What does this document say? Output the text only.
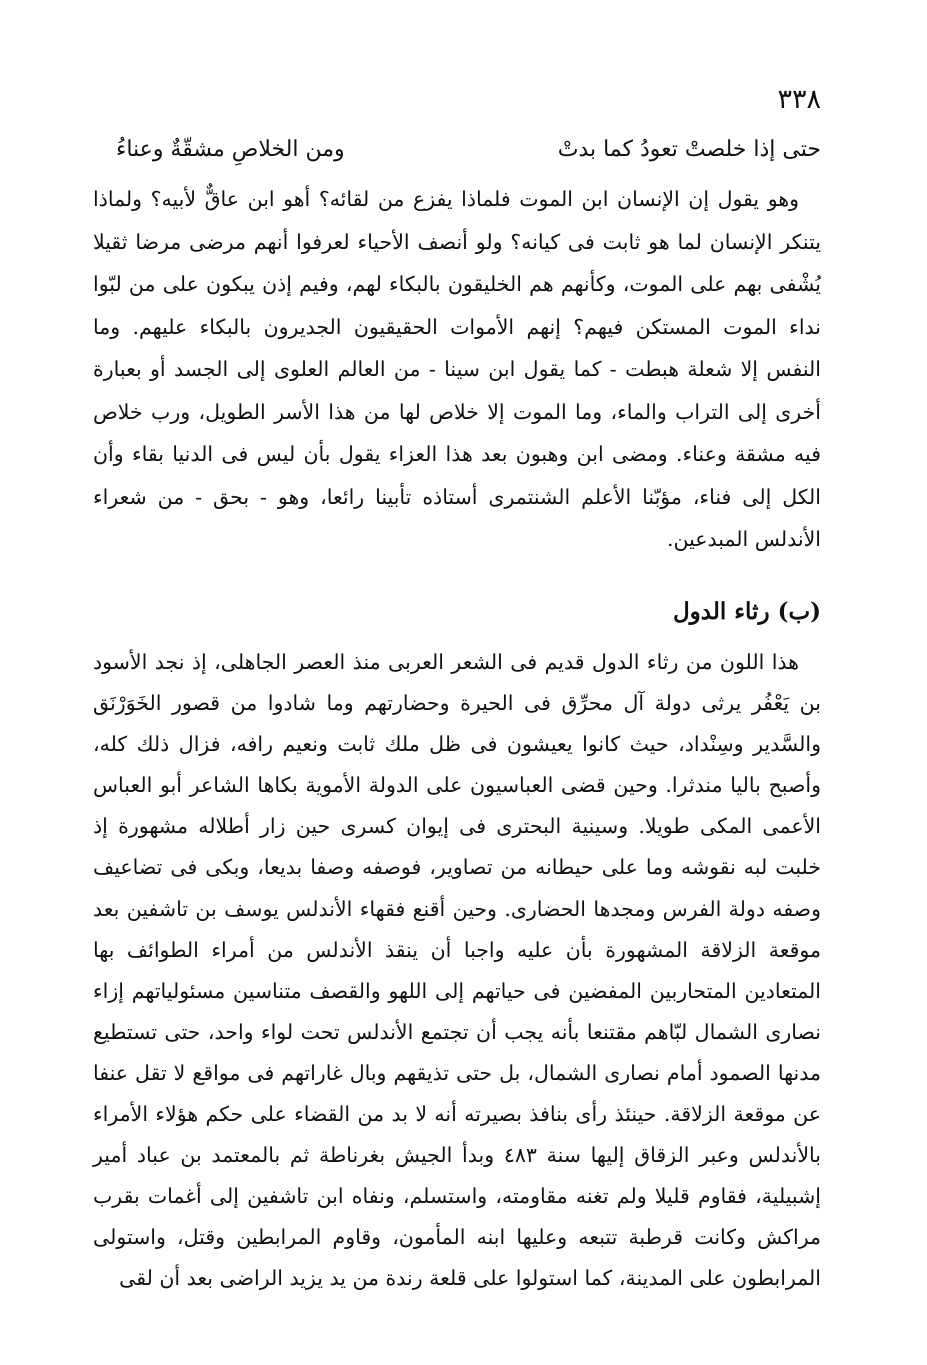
٣٣٨
حتى إذا خلصتْ تعودُ كما بدتْ
ومن الخلاصِ مشقّةٌ وعناءُ

وهو يقول إن الإنسان ابن الموت فلماذا يفزع من لقائه؟ أهو ابن عاقٌّ لأبيه؟ ولماذا يتنكر الإنسان لما هو ثابت فى كيانه؟ ولو أنصف الأحياء لعرفوا أنهم مرضى مرضا ثقيلا يُشْفى بهم على الموت، وكأنهم هم الخليقون بالبكاء لهم، وفيم إذن يبكون على من لبّوا نداء الموت المستكن فيهم؟ إنهم الأموات الحقيقيون الجديرون بالبكاء عليهم. وما النفس إلا شعلة هبطت - كما يقول ابن سينا - من العالم العلوى إلى الجسد أو بعبارة أخرى إلى التراب والماء، وما الموت إلا خلاص لها من هذا الأسر الطويل، ورب خلاص فيه مشقة وعناء. ومضى ابن وهبون بعد هذا العزاء يقول بأن ليس فى الدنيا بقاء وأن الكل إلى فناء، مؤبّنا الأعلم الشنتمرى أستاذه تأبينا رائعا، وهو - بحق - من شعراء الأندلس المبدعين.

(ب) رثاء الدول

هذا اللون من رثاء الدول قديم فى الشعر العربى منذ العصر الجاهلى، إذ نجد الأسود بن يَعْفُر يرثى دولة آل محرِّق فى الحيرة وحضارتهم وما شادوا من قصور الخَوَرْنَق والسَّدير وسِنْداد، حيث كانوا يعيشون فى ظل ملك ثابت ونعيم رافه، فزال ذلك كله، وأصبح باليا مندثرا. وحين قضى العباسيون على الدولة الأموية بكاها الشاعر أبو العباس الأعمى المكى طويلا. وسينية البحترى فى إيوان كسرى حين زار أطلاله مشهورة إذ خلبت لبه نقوشه وما على حيطانه من تصاوير، فوصفه وصفا بديعا، وبكى فى تضاعيف وصفه دولة الفرس ومجدها الحضارى. وحين أقنع فقهاء الأندلس يوسف بن تاشفين بعد موقعة الزلاقة المشهورة بأن عليه واجبا أن ينقذ الأندلس من أمراء الطوائف بها المتعادين المتحاربين المفضين فى حياتهم إلى اللهو والقصف متناسين مسئولياتهم إزاء نصارى الشمال لبّاهم مقتنعا بأنه يجب أن تجتمع الأندلس تحت لواء واحد، حتى تستطيع مدنها الصمود أمام نصارى الشمال، بل حتى تذيقهم وبال غاراتهم فى مواقع لا تقل عنفا عن موقعة الزلاقة. حينئذ رأى بنافذ بصيرته أنه لا بد من القضاء على حكم هؤلاء الأمراء بالأندلس وعبر الزقاق إليها سنة ٤٨٣ وبدأ الجيش بغرناطة ثم بالمعتمد بن عباد أمير إشبيلية، فقاوم قليلا ولم تغنه مقاومته، واستسلم، ونفاه ابن تاشفين إلى أغمات بقرب مراكش وكانت قرطبة تتبعه وعليها ابنه المأمون، وقاوم المرابطين وقتل، واستولى المرابطون على المدينة، كما استولوا على قلعة رندة من يد يزيد الراضى بعد أن لقى
